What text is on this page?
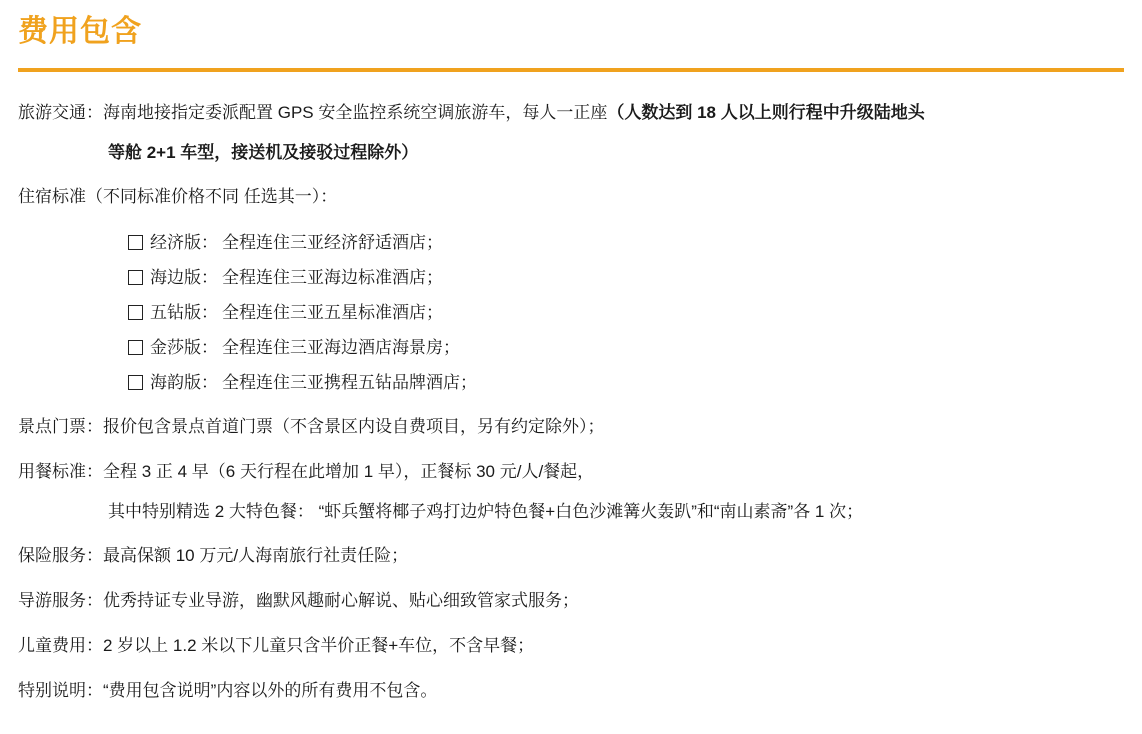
费用包含
旅游交通： 海南地接指定委派配置 GPS 安全监控系统空调旅游车，每人一正座（人数达到 18 人以上则行程中升级陆地头
等舱 2+1 车型，接送机及接驳过程除外）
住宿标准（不同标准价格不同 任选其一）：
经济版： 全程连住三亚经济舒适酒店；
海边版： 全程连住三亚海边标准酒店；
五钻版： 全程连住三亚五星标准酒店；
金莎版： 全程连住三亚海边酒店海景房；
海韵版： 全程连住三亚携程五钻品牌酒店；
景点门票： 报价包含景点首道门票（不含景区内设自费项目，另有约定除外）；
用餐标准： 全程 3 正 4 早（6 天行程在此增加 1 早），正餐标 30 元/人/餐起，
其中特别精选 2 大特色餐： “虾兵蟹将椰子鸡打边炉特色餐+白色沙滩篝火轰趴”和“南山素斋”各 1 次；
保险服务： 最高保额 10 万元/人海南旅行社责任险；
导游服务： 优秀持证专业导游，幽默风趣耐心解说、贴心细致管家式服务；
儿童费用： 2 岁以上 1.2 米以下儿童只含半价正餐+车位，不含早餐；
特别说明： “费用包含说明”内容以外的所有费用不包含。
